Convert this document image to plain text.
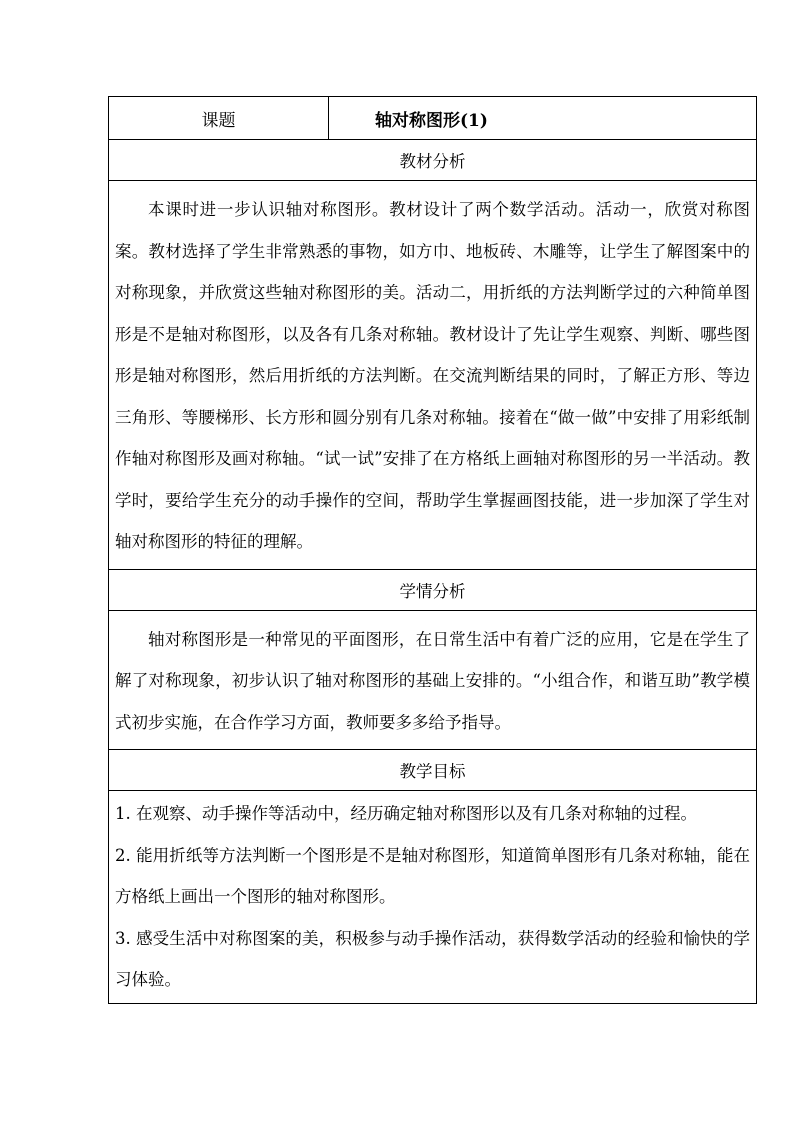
课题	轴对称图形(1)
教材分析
本课时进一步认识轴对称图形。教材设计了两个数学活动。活动一，欣赏对称图案。教材选择了学生非常熟悉的事物，如方巾、地板砖、木雕等，让学生了解图案中的对称现象，并欣赏这些轴对称图形的美。活动二，用折纸的方法判断学过的六种简单图形是不是轴对称图形，以及各有几条对称轴。教材设计了先让学生观察、判断、哪些图形是轴对称图形，然后用折纸的方法判断。在交流判断结果的同时，了解正方形、等边三角形、等腰梯形、长方形和圆分别有几条对称轴。接着在“做一做”中安排了用彩纸制作轴对称图形及画对称轴。“试一试”安排了在方格纸上画轴对称图形的另一半活动。教学时，要给学生充分的动手操作的空间，帮助学生掌握画图技能，进一步加深了学生对轴对称图形的特征的理解。
学情分析
轴对称图形是一种常见的平面图形，在日常生活中有着广泛的应用，它是在学生了解了对称现象，初步认识了轴对称图形的基础上安排的。“小组合作，和谐互助”教学模式初步实施，在合作学习方面，教师要多多给予指导。
教学目标

1. 在观察、动手操作等活动中，经历确定轴对称图形以及有几条对称轴的过程。
2. 能用折纸等方法判断一个图形是不是轴对称图形，知道简单图形有几条对称轴，能在方格纸上画出一个图形的轴对称图形。
3. 感受生活中对称图案的美，积极参与动手操作活动，获得数学活动的经验和愉快的学习体验。
